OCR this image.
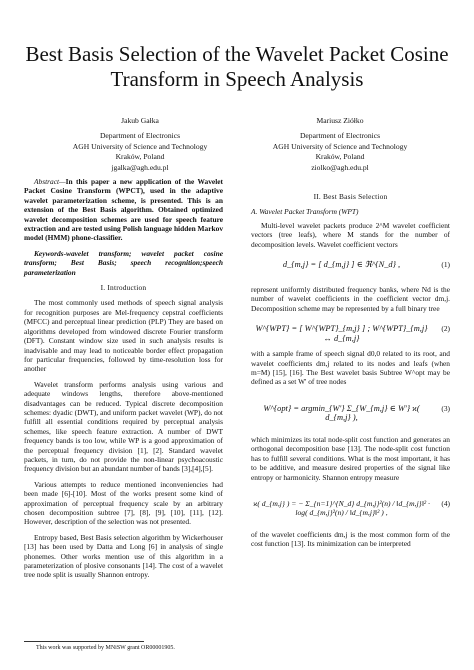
Best Basis Selection of the Wavelet Packet Cosine Transform in Speech Analysis
Jakub Gałka
Department of Electronics
AGH University of Science and Technology
Kraków, Poland
jgalka@agh.edu.pl
Mariusz Ziółko
Department of Electronics
AGH University of Science and Technology
Kraków, Poland
ziolko@agh.edu.pl

Abstract—In this paper a new application of the Wavelet Packet Cosine Transform (WPCT), used in the adaptive wavelet parameterization scheme, is presented. This is an extension of the Best Basis algorithm. Obtained optimized wavelet decomposition schemes are used for speech feature extraction and are tested using Polish language hidden Markov model (HMM) phone-classifier.

Keywords-wavelet transform; wavelet packet cosine transform; Best Basis; speech recognition;speech parameterization

I. Introduction

The most commonly used methods of speech signal analysis for recognition purposes are Mel-frequency cepstral coefficients (MFCC) and perceptual linear prediction (PLP) They are based on algorithms developed from windowed discrete Fourier transform (DFT). Constant window size used in such analysis results is inadvisable and may lead to noticeable border effect propagation for particular frequencies, followed by time-resolution loss for another

Wavelet transform performs analysis using various and adequate windows lengths, therefore above-mentioned disadvantages can be reduced. Typical discrete decomposition schemes: dyadic (DWT), and uniform packet wavelet (WP), do not fulfill all essential conditions required by perceptual analysis schemes, like speech feature extraction. A number of DWT frequency bands is too low, while WP is a good approximation of the perceptual frequency division [1], [2]. Standard wavelet packets, in turn, do not provide the non-linear psychoacoustic frequency division but an abundant number of bands [3],[4],[5].

Various attempts to reduce mentioned inconveniencies had been made [6]-[10]. Most of the works present some kind of approximation of perceptual frequency scale by an arbitrary chosen decomposition subtree [7], [8], [9], [10], [11], [12]. However, description of the selection was not presented.

Entropy based, Best Basis selection algorithm by Wickerhouser [13] has been used by Datta and Long [6] in analysis of single phonemes. Other works mention use of this algorithm in a parameterization of plosive consonants [14]. The cost of a wavelet tree node split is usually Shannon entropy.

II. Best Basis Selection
A. Wavelet Packet Transform (WPT)

Multi-level wavelet packets produce 2^M wavelet coefficient vectors (tree leafs), where M stands for the number of decomposition levels. Wavelet coefficient vectors

d_{m,j} = [ d_{m,j} ] ∈ ℜ^{N_d} ,	(1)

represent uniformly distributed frequency banks, where Nd is the number of wavelet coefficients in the coefficient vector dm,j. Decomposition scheme may be represented by a full binary tree

W^{WPT} = [ W^{WPT}_{m,j} ] ; W^{WPT}_{m,j} ↔ d_{m,j}
(2)

with a sample frame of speech signal d0,0 related to its root, and wavelet coefficients dm,j related to its nodes and leafs (when m=M) [15], [16]. The Best wavelet basis Subtree W^opt may be defined as a set W' of tree nodes

W^{opt} = argmin_{W'} Σ_{W_{m,j} ∈ W'} ϰ( d_{m,j} ),
(3)

which minimizes its total node-split cost function and generates an orthogonal decomposition base [13]. The node-split cost function has to fulfill several conditions. What is the most important, it has to be additive, and measure desired properties of the signal like entropy or harmonicity. Shannon entropy measure

ϰ( d_{m,j} ) = − Σ_{n=1}^{N_d} d_{m,j}²(n) / ‖d_{m,j}‖² · log( d_{m,j}²(n) / ‖d_{m,j}‖² ) ,
(4)

of the wavelet coefficients dm,j is the most common form of the cost function [13]. Its minimization can be interpreted

This work was supported by MNiSW grant OR00001905.
